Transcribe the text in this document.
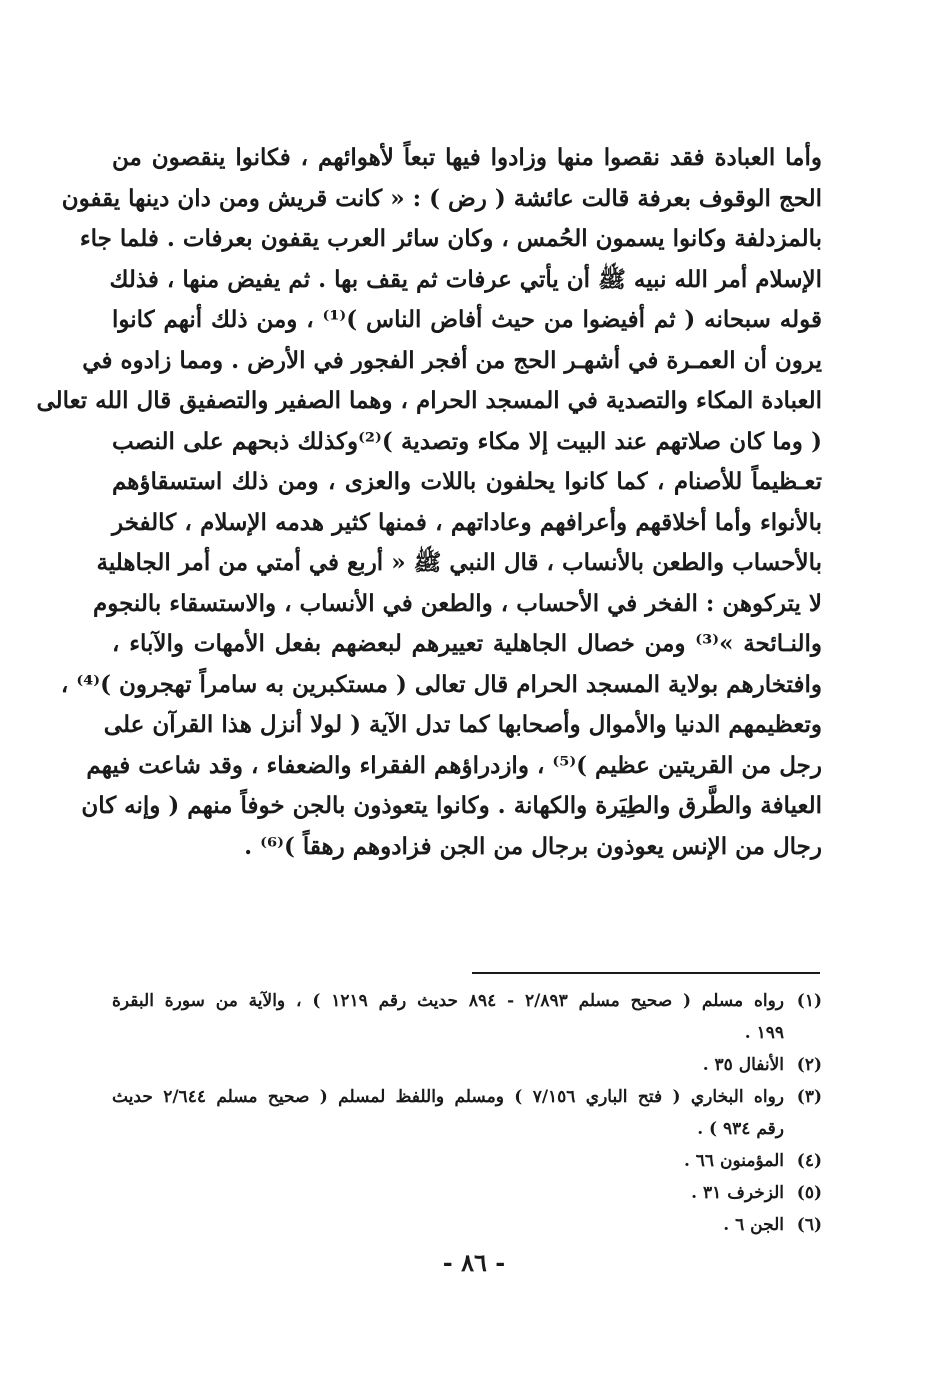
وأما العبادة فقد نقصوا منها وزادوا فيها تبعاً لأهوائهم ، فكانوا ينقصون من
الحج الوقوف بعرفة قالت عائشة ( رض ) : « كانت قريش ومن دان دينها يقفون
بالمزدلفة وكانوا يسمون الحُمس ، وكان سائر العرب يقفون بعرفات . فلما جاء
الإسلام أمر الله نبيه ﷺ أن يأتي عرفات ثم يقف بها . ثم يفيض منها ، فذلك
قوله سبحانه ( ثم أفيضوا من حيث أفاض الناس )⁽¹⁾ ، ومن ذلك أنهم كانوا
يرون أن العمـرة في أشهـر الحج من أفجر الفجور في الأرض . ومما زادوه في
العبادة المكاء والتصدية في المسجد الحرام ، وهما الصفير والتصفيق قال الله تعالى
( وما كان صلاتهم عند البيت إلا مكاء وتصدية )⁽²⁾وكذلك ذبحهم على النصب
تعـظيماً للأصنام ، كما كانوا يحلفون باللات والعزى ، ومن ذلك استسقاؤهم
بالأنواء وأما أخلاقهم وأعرافهم وعاداتهم ، فمنها كثير هدمه الإسلام ، كالفخر
بالأحساب والطعن بالأنساب ، قال النبي ﷺ « أربع في أمتي من أمر الجاهلية
لا يتركوهن : الفخر في الأحساب ، والطعن في الأنساب ، والاستسقاء بالنجوم
والنـائحة »⁽³⁾ ومن خصال الجاهلية تعييرهم لبعضهم بفعل الأمهات والآباء ،
وافتخارهم بولاية المسجد الحرام قال تعالى ( مستكبرين به سامراً تهجرون )⁽⁴⁾ ،
وتعظيمهم الدنيا والأموال وأصحابها كما تدل الآية ( لولا أنزل هذا القرآن على
رجل من القريتين عظيم )⁽⁵⁾ ، وازدراؤهم الفقراء والضعفاء ، وقد شاعت فيهم
العيافة والطَّرق والطِيَرة والكهانة . وكانوا يتعوذون بالجن خوفاً منهم ( وإنه كان
رجال من الإنس يعوذون برجال من الجن فزادوهم رهقاً )⁽⁶⁾ .
(١)
رواه مسلم ( صحيح مسلم ٢/٨٩٣ - ٨٩٤ حديث رقم ١٢١٩ ) ، والآية من سورة البقرة
١٩٩ .
(٢)
الأنفال ٣٥ .
(٣)
رواه البخاري ( فتح الباري ٧/١٥٦ ) ومسلم واللفظ لمسلم ( صحيح مسلم ٢/٦٤٤ حديث
رقم ٩٣٤ ) .
(٤)
المؤمنون ٦٦ .
(٥)
الزخرف ٣١ .
(٦)
الجن ٦ .
- ٨٦ -
